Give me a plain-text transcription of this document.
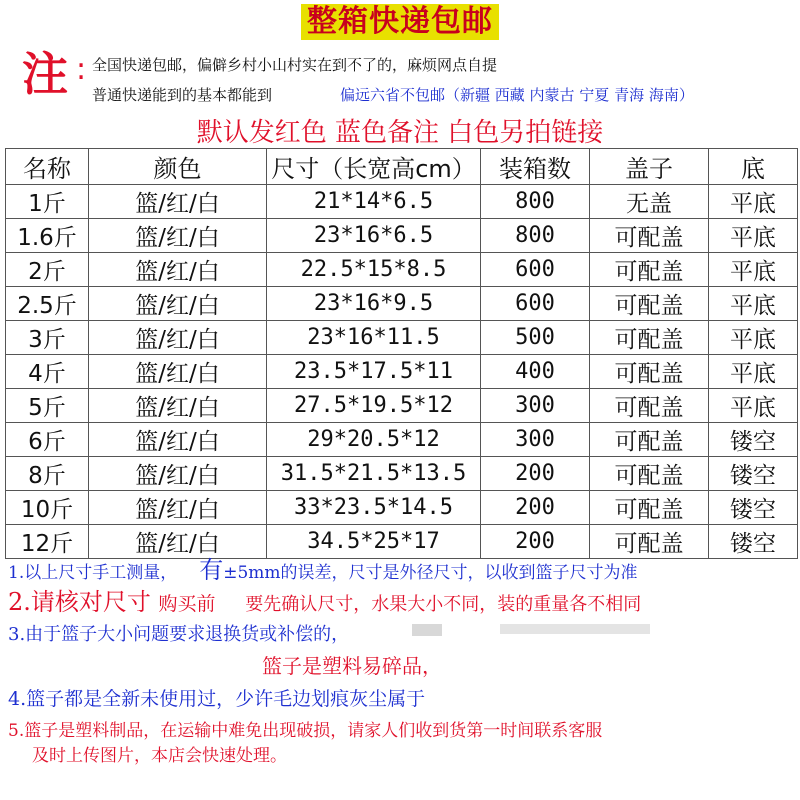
整箱快递包邮
注 : 全国快递包邮，偏僻乡村小山村实在到不了的，麻烦网点自提
普通快递能到的基本都能到	偏远六省不包邮（新疆 西藏 内蒙古 宁夏 青海 海南）
默认发红色 蓝色备注 白色另拍链接
名称	颜色	尺寸（长宽高cm）	装箱数	盖子	底
1斤	篮/红/白	21*14*6.5	800	无盖	平底
1.6斤	篮/红/白	23*16*6.5	800	可配盖	平底
2斤	篮/红/白	22.5*15*8.5	600	可配盖	平底
2.5斤	篮/红/白	23*16*9.5	600	可配盖	平底
3斤	篮/红/白	23*16*11.5	500	可配盖	平底
4斤	篮/红/白	23.5*17.5*11	400	可配盖	平底
5斤	篮/红/白	27.5*19.5*12	300	可配盖	平底
6斤	篮/红/白	29*20.5*12	300	可配盖	镂空
8斤	篮/红/白	31.5*21.5*13.5	200	可配盖	镂空
10斤	篮/红/白	33*23.5*14.5	200	可配盖	镂空
12斤	篮/红/白	34.5*25*17	200	可配盖	镂空
1.以上尺寸手工测量， 有±5mm的误差，尺寸是外径尺寸，以收到篮子尺寸为准
2.请核对尺寸 购买前 要先确认尺寸，水果大小不同，装的重量各不相同
3.由于篮子大小问题要求退换货或补偿的，
篮子是塑料易碎品，
4.篮子都是全新未使用过，少许毛边划痕灰尘属于
5.篮子是塑料制品，在运输中难免出现破损，请家人们收到货第一时间联系客服
及时上传图片，本店会快速处理。
